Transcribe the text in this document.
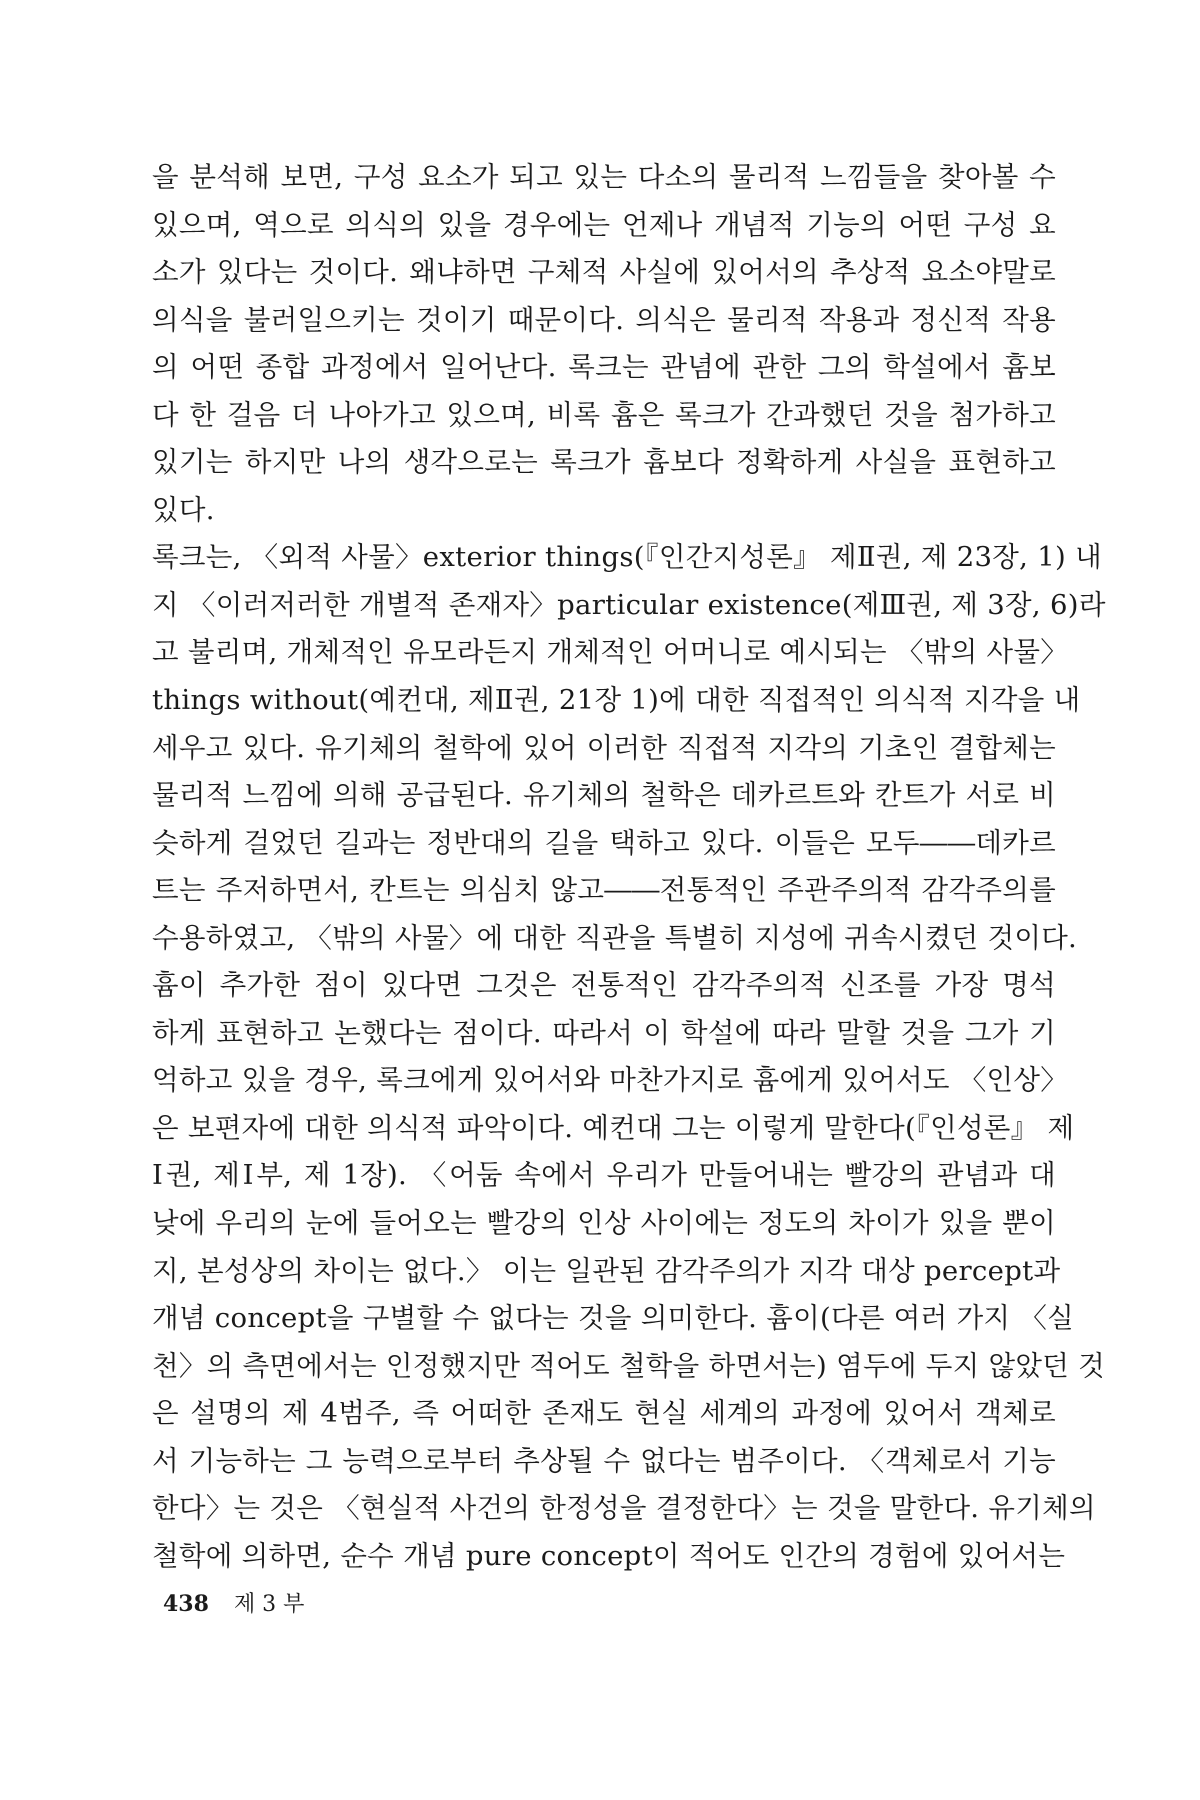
을 분석해 보면, 구성 요소가 되고 있는 다소의 물리적 느낌들을 찾아볼 수
있으며, 역으로 의식의 있을 경우에는 언제나 개념적 기능의 어떤 구성 요
소가 있다는 것이다. 왜냐하면 구체적 사실에 있어서의 추상적 요소야말로
의식을 불러일으키는 것이기 때문이다. 의식은 물리적 작용과 정신적 작용
의 어떤 종합 과정에서 일어난다. 록크는 관념에 관한 그의 학설에서 흄보
다 한 걸음 더 나아가고 있으며, 비록 흄은 록크가 간과했던 것을 첨가하고
있기는 하지만 나의 생각으로는 록크가 흄보다 정확하게 사실을 표현하고
있다.
록크는, 〈외적 사물〉exterior things(『인간지성론』 제Ⅱ권, 제 23장, 1) 내
지 〈이러저러한 개별적 존재자〉particular existence(제Ⅲ권, 제 3장, 6)라
고 불리며, 개체적인 유모라든지 개체적인 어머니로 예시되는 〈밖의 사물〉
things without(예컨대, 제Ⅱ권, 21장 1)에 대한 직접적인 의식적 지각을 내
세우고 있다. 유기체의 철학에 있어 이러한 직접적 지각의 기초인 결합체는
물리적 느낌에 의해 공급된다. 유기체의 철학은 데카르트와 칸트가 서로 비
슷하게 걸었던 길과는 정반대의 길을 택하고 있다. 이들은 모두――데카르
트는 주저하면서, 칸트는 의심치 않고――전통적인 주관주의적 감각주의를
수용하였고, 〈밖의 사물〉에 대한 직관을 특별히 지성에 귀속시켰던 것이다.
흄이 추가한 점이 있다면 그것은 전통적인 감각주의적 신조를 가장 명석
하게 표현하고 논했다는 점이다. 따라서 이 학설에 따라 말할 것을 그가 기
억하고 있을 경우, 록크에게 있어서와 마찬가지로 흄에게 있어서도 〈인상〉
은 보편자에 대한 의식적 파악이다. 예컨대 그는 이렇게 말한다(『인성론』 제
Ⅰ권, 제Ⅰ부, 제 1장). 〈어둠 속에서 우리가 만들어내는 빨강의 관념과 대
낮에 우리의 눈에 들어오는 빨강의 인상 사이에는 정도의 차이가 있을 뿐이
지, 본성상의 차이는 없다.〉 이는 일관된 감각주의가 지각 대상 percept과
개념 concept을 구별할 수 없다는 것을 의미한다. 흄이(다른 여러 가지 〈실
천〉의 측면에서는 인정했지만 적어도 철학을 하면서는) 염두에 두지 않았던 것
은 설명의 제 4범주, 즉 어떠한 존재도 현실 세계의 과정에 있어서 객체로
서 기능하는 그 능력으로부터 추상될 수 없다는 범주이다. 〈객체로서 기능
한다〉는 것은 〈현실적 사건의 한정성을 결정한다〉는 것을 말한다. 유기체의
철학에 의하면, 순수 개념 pure concept이 적어도 인간의 경험에 있어서는
438 제 3 부
